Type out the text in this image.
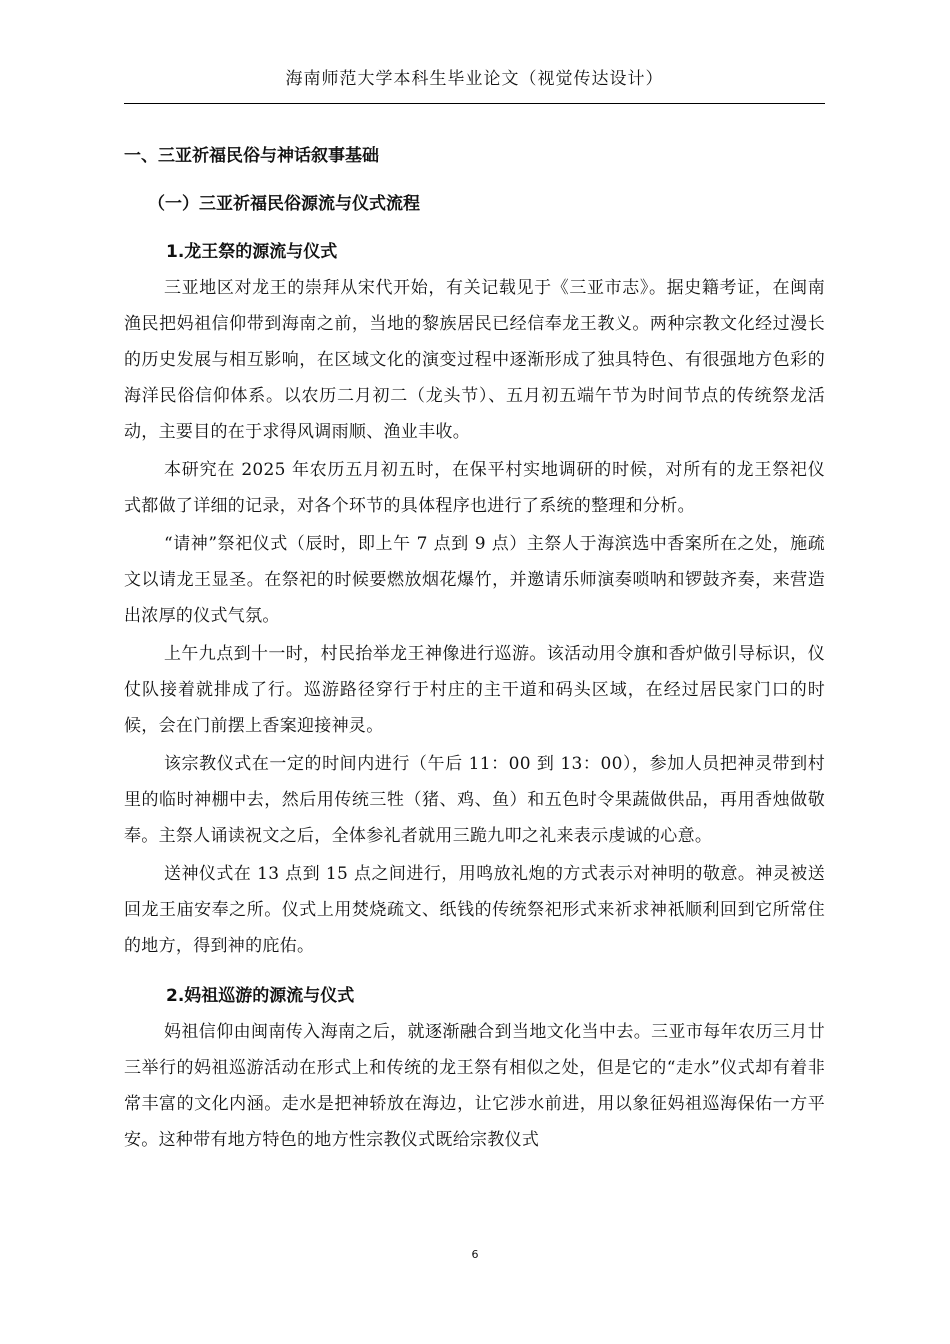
海南师范大学本科生毕业论文（视觉传达设计）
一、三亚祈福民俗与神话叙事基础
（一）三亚祈福民俗源流与仪式流程
1.龙王祭的源流与仪式

三亚地区对龙王的崇拜从宋代开始，有关记载见于《三亚市志》。据史籍考证，在闽南渔民把妈祖信仰带到海南之前，当地的黎族居民已经信奉龙王教义。两种宗教文化经过漫长的历史发展与相互影响，在区域文化的演变过程中逐渐形成了独具特色、有很强地方色彩的海洋民俗信仰体系。以农历二月初二（龙头节）、五月初五端午节为时间节点的传统祭龙活动，主要目的在于求得风调雨顺、渔业丰收。

本研究在 2025 年农历五月初五时，在保平村实地调研的时候，对所有的龙王祭祀仪式都做了详细的记录，对各个环节的具体程序也进行了系统的整理和分析。

“请神”祭祀仪式（辰时，即上午 7 点到 9 点）主祭人于海滨选中香案所在之处，施疏文以请龙王显圣。在祭祀的时候要燃放烟花爆竹，并邀请乐师演奏唢呐和锣鼓齐奏，来营造出浓厚的仪式气氛。

上午九点到十一时，村民抬举龙王神像进行巡游。该活动用令旗和香炉做引导标识，仪仗队接着就排成了行。巡游路径穿行于村庄的主干道和码头区域，在经过居民家门口的时候，会在门前摆上香案迎接神灵。

该宗教仪式在一定的时间内进行（午后 11：00 到 13：00），参加人员把神灵带到村里的临时神棚中去，然后用传统三牲（猪、鸡、鱼）和五色时令果蔬做供品，再用香烛做敬奉。主祭人诵读祝文之后，全体参礼者就用三跪九叩之礼来表示虔诚的心意。

送神仪式在 13 点到 15 点之间进行，用鸣放礼炮的方式表示对神明的敬意。神灵被送回龙王庙安奉之所。仪式上用焚烧疏文、纸钱的传统祭祀形式来祈求神祇顺利回到它所常住的地方，得到神的庇佑。

2.妈祖巡游的源流与仪式

妈祖信仰由闽南传入海南之后，就逐渐融合到当地文化当中去。三亚市每年农历三月廿三举行的妈祖巡游活动在形式上和传统的龙王祭有相似之处，但是它的“走水”仪式却有着非常丰富的文化内涵。走水是把神轿放在海边，让它涉水前进，用以象征妈祖巡海保佑一方平安。这种带有地方特色的地方性宗教仪式既给宗教仪式

6
